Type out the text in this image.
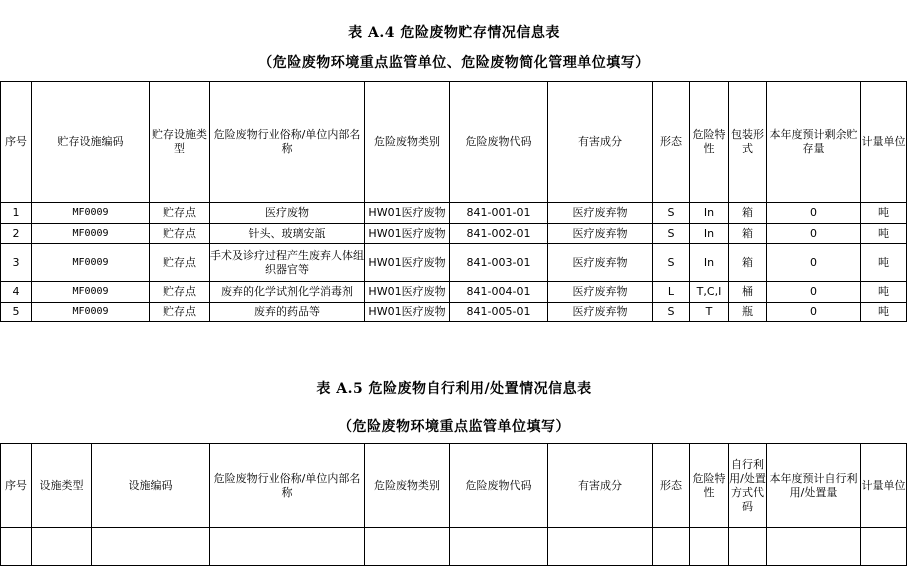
表 A.4 危险废物贮存情况信息表
（危险废物环境重点监管单位、危险废物简化管理单位填写）
序号	贮存设施编码	贮存设施类型	危险废物行业俗称/单位内部名称	危险废物类别	危险废物代码	有害成分	形态	危险特性	包装形式	本年度预计剩余贮存量	计量单位
1	MF0009	贮存点	医疗废物	HW01医疗废物	841-001-01	医疗废弃物	S	In	箱	0	吨
2	MF0009	贮存点	针头、玻璃安瓿	HW01医疗废物	841-002-01	医疗废弃物	S	In	箱	0	吨
3	MF0009	贮存点	手术及诊疗过程产生废弃人体组织器官等	HW01医疗废物	841-003-01	医疗废弃物	S	In	箱	0	吨
4	MF0009	贮存点	废弃的化学试剂化学消毒剂	HW01医疗废物	841-004-01	医疗废弃物	L	T,C,I	桶	0	吨
5	MF0009	贮存点	废弃的药品等	HW01医疗废物	841-005-01	医疗废弃物	S	T	瓶	0	吨
表 A.5 危险废物自行利用/处置情况信息表
（危险废物环境重点监管单位填写）
序号	设施类型	设施编码	危险废物行业俗称/单位内部名称	危险废物类别	危险废物代码	有害成分	形态	危险特性	自行利用/处置方式代码	本年度预计自行利用/处置量	计量单位
